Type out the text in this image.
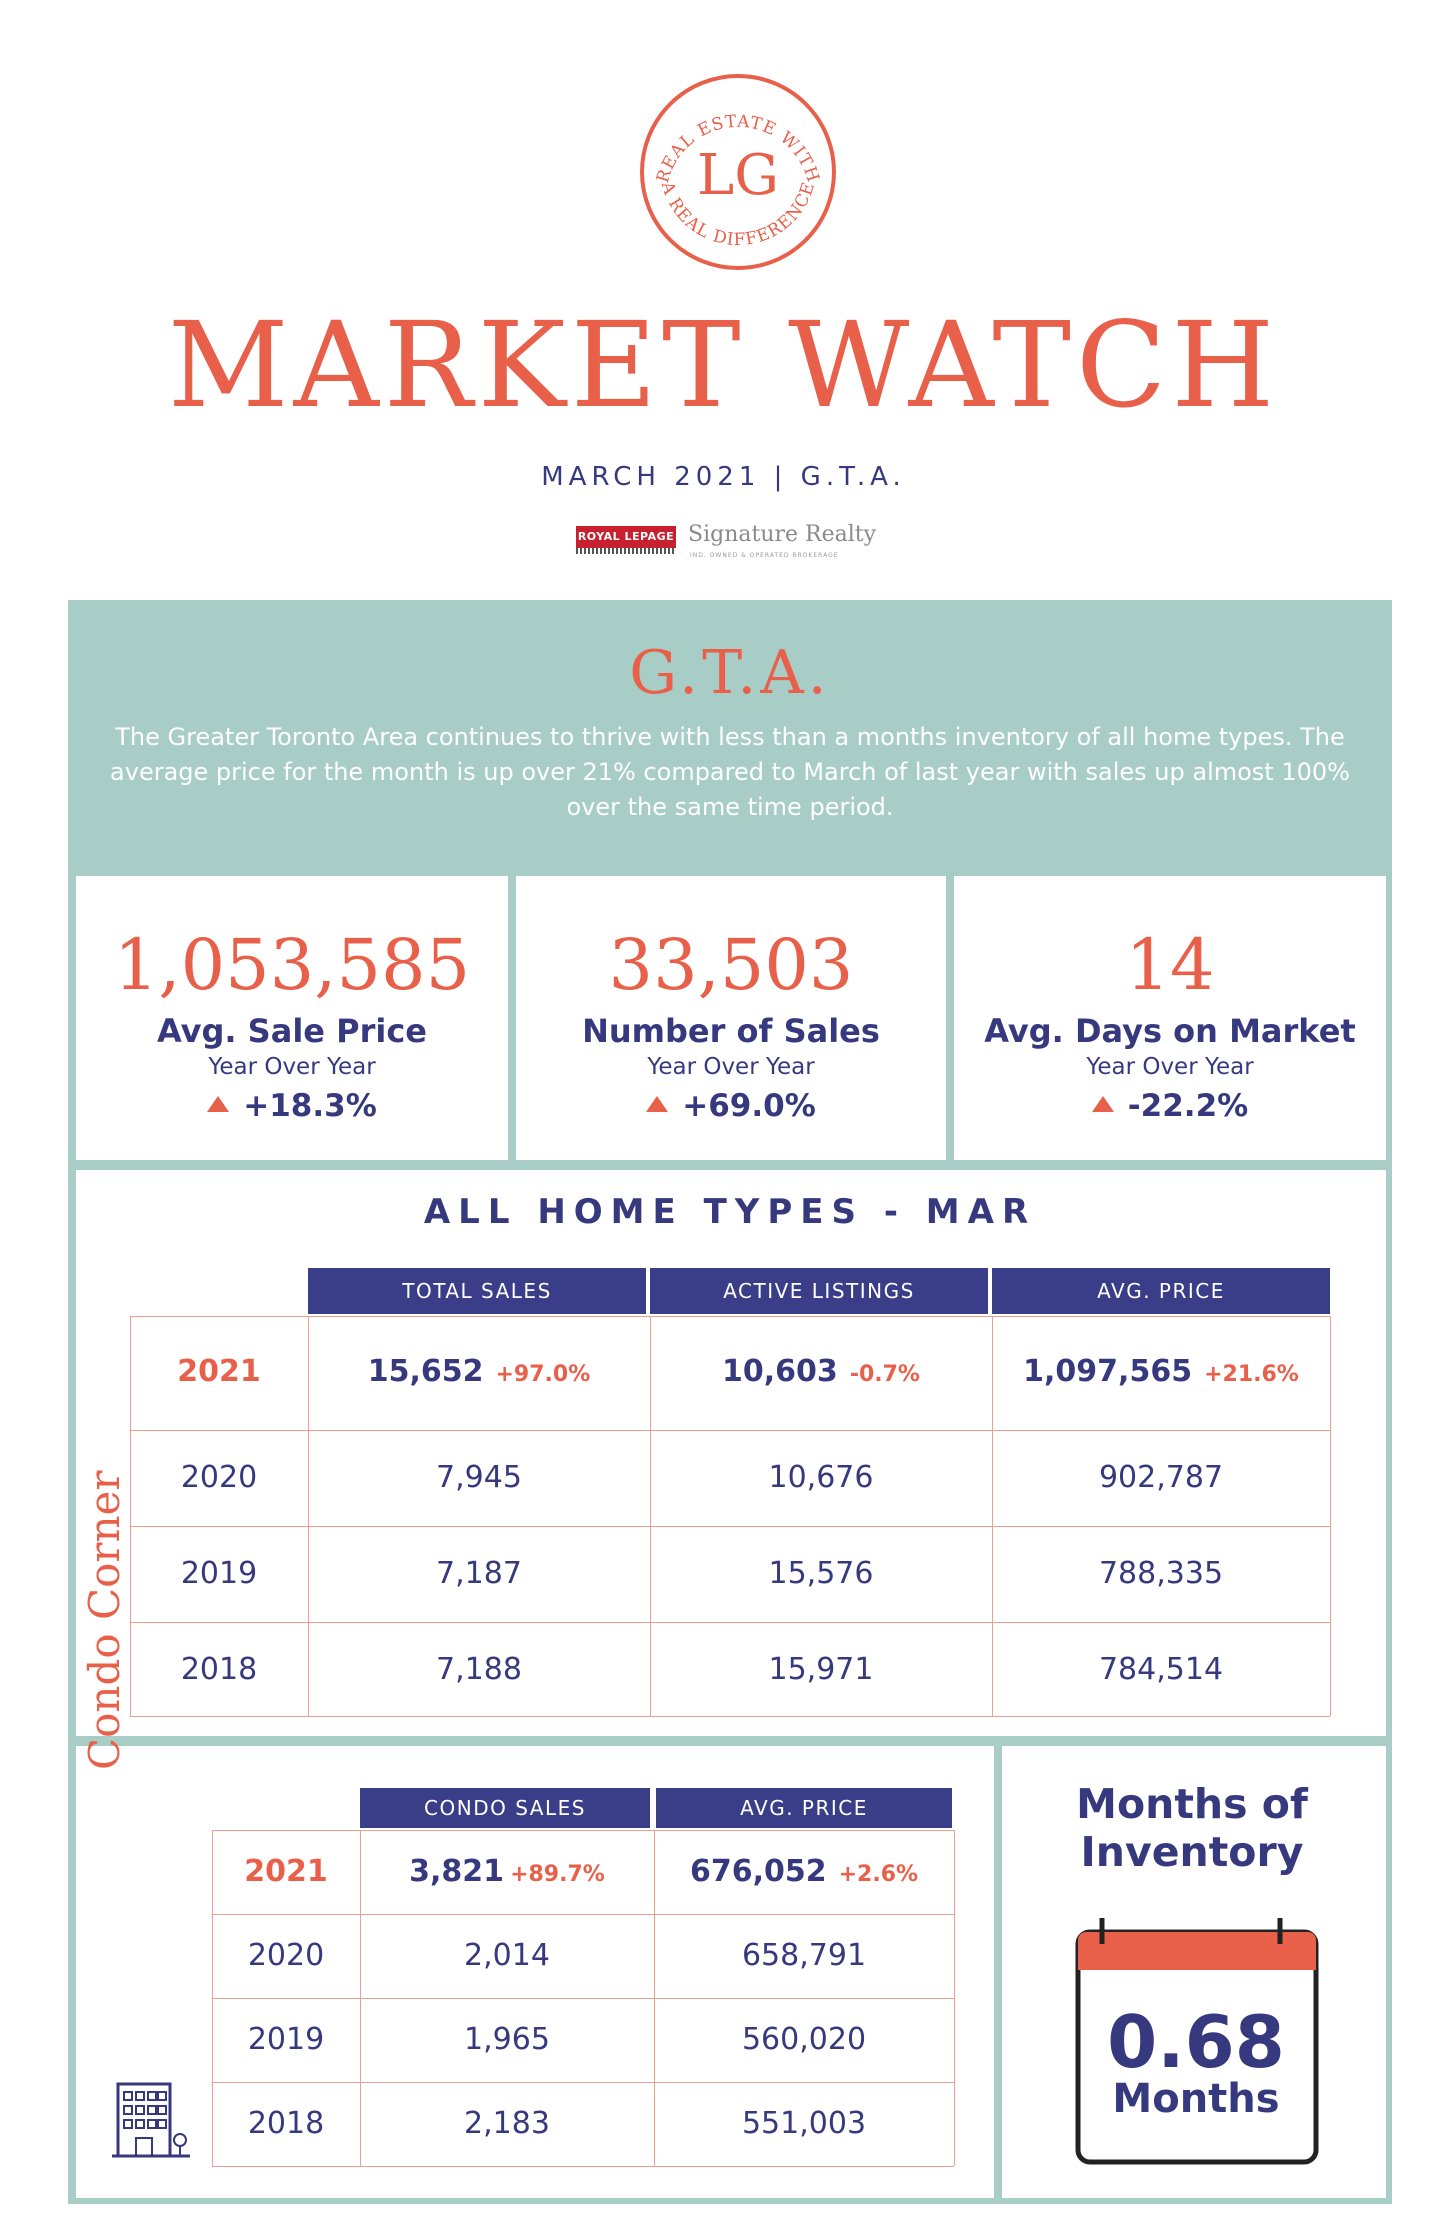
REAL ESTATE WITH
A REAL DIFFERENCE
LG
MARKET WATCH
MARCH 2021 | G.T.A.
ROYAL LEPAGE Signature Realty
IND. OWNED & OPERATED BROKERAGE
G.T.A.
The Greater Toronto Area continues to thrive with less than a months inventory of all home types. The average price for the month is up over 21% compared to March of last year with sales up almost 100% over the same time period.
1,053,585
Avg. Sale Price
Year Over Year
+18.3%
33,503
Number of Sales
Year Over Year
+69.0%
14
Avg. Days on Market
Year Over Year
-22.2%
ALL HOME TYPES - MAR
TOTAL SALES	ACTIVE LISTINGS	AVG. PRICE
2021	15,652 +97.0%	10,603 -0.7%	1,097,565 +21.6%
2020	7,945	10,676	902,787
2019	7,187	15,576	788,335
2018	7,188	15,971	784,514
Condo Corner
CONDO SALES	AVG. PRICE
2021	3,821 +89.7%	676,052 +2.6%
2020	2,014	658,791
2019	1,965	560,020
2018	2,183	551,003
Months of
Inventory
0.68
Months
